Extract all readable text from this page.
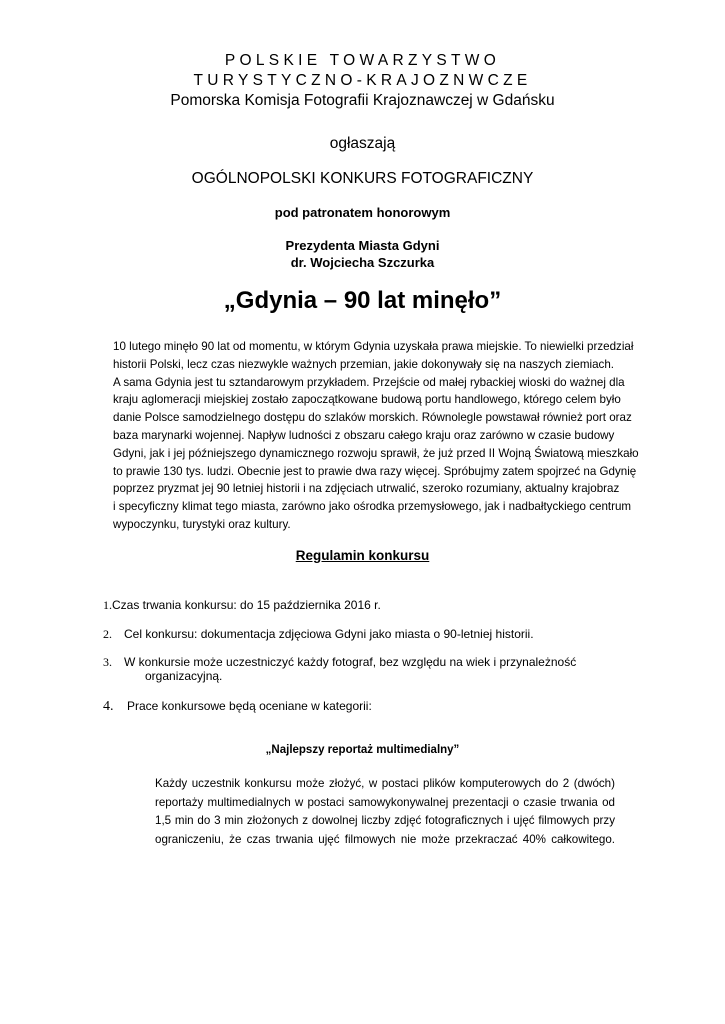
POLSKIE TOWARZYSTWO
TURYSTYCZNO-KRAJOZNWCZE
Pomorska Komisja Fotografii Krajoznawczej w Gdańsku
ogłaszają
OGÓLNOPOLSKI KONKURS FOTOGRAFICZNY
pod patronatem honorowym
Prezydenta Miasta Gdyni
dr. Wojciecha Szczurka
„Gdynia – 90 lat minęło”
10 lutego minęło 90 lat od momentu, w którym Gdynia uzyskała prawa miejskie. To niewielki przedział
historii Polski, lecz czas niezwykle ważnych przemian, jakie dokonywały się na naszych ziemiach.
A sama Gdynia jest tu sztandarowym przykładem. Przejście od małej rybackiej wioski do ważnej dla
kraju aglomeracji miejskiej zostało zapoczątkowane budową portu handlowego, którego celem było
danie Polsce samodzielnego dostępu do szlaków morskich. Równolegle powstawał również port oraz
baza marynarki wojennej. Napływ ludności z obszaru całego kraju oraz zarówno w czasie budowy
Gdyni, jak i jej późniejszego dynamicznego rozwoju sprawił, że już przed II Wojną Światową mieszkało
to prawie 130 tys. ludzi. Obecnie jest to prawie dwa razy więcej. Spróbujmy zatem spojrzeć na Gdynię
poprzez pryzmat jej 90 letniej historii i na zdjęciach utrwalić, szeroko rozumiany, aktualny krajobraz
i specyficzny klimat tego miasta, zarówno jako ośrodka przemysłowego, jak i nadbałtyckiego centrum
wypoczynku, turystyki oraz kultury.
Regulamin konkursu
1.Czas trwania konkursu: do 15 października 2016 r.
2. Cel konkursu: dokumentacja zdjęciowa Gdyni jako miasta o 90-letniej historii.
3. W konkursie może uczestniczyć każdy fotograf, bez względu na wiek i przynależność
organizacyjną.
4. Prace konkursowe będą oceniane w kategorii:
„Najlepszy reportaż multimedialny”
Każdy uczestnik konkursu może złożyć, w postaci plików komputerowych do 2 (dwóch)
reportaży multimedialnych w postaci samowykonywalnej prezentacji o czasie trwania od
1,5 min do 3 min złożonych z dowolnej liczby zdjęć fotograficznych i ujęć filmowych przy
ograniczeniu, że czas trwania ujęć filmowych nie może przekraczać 40% całkowitego.
